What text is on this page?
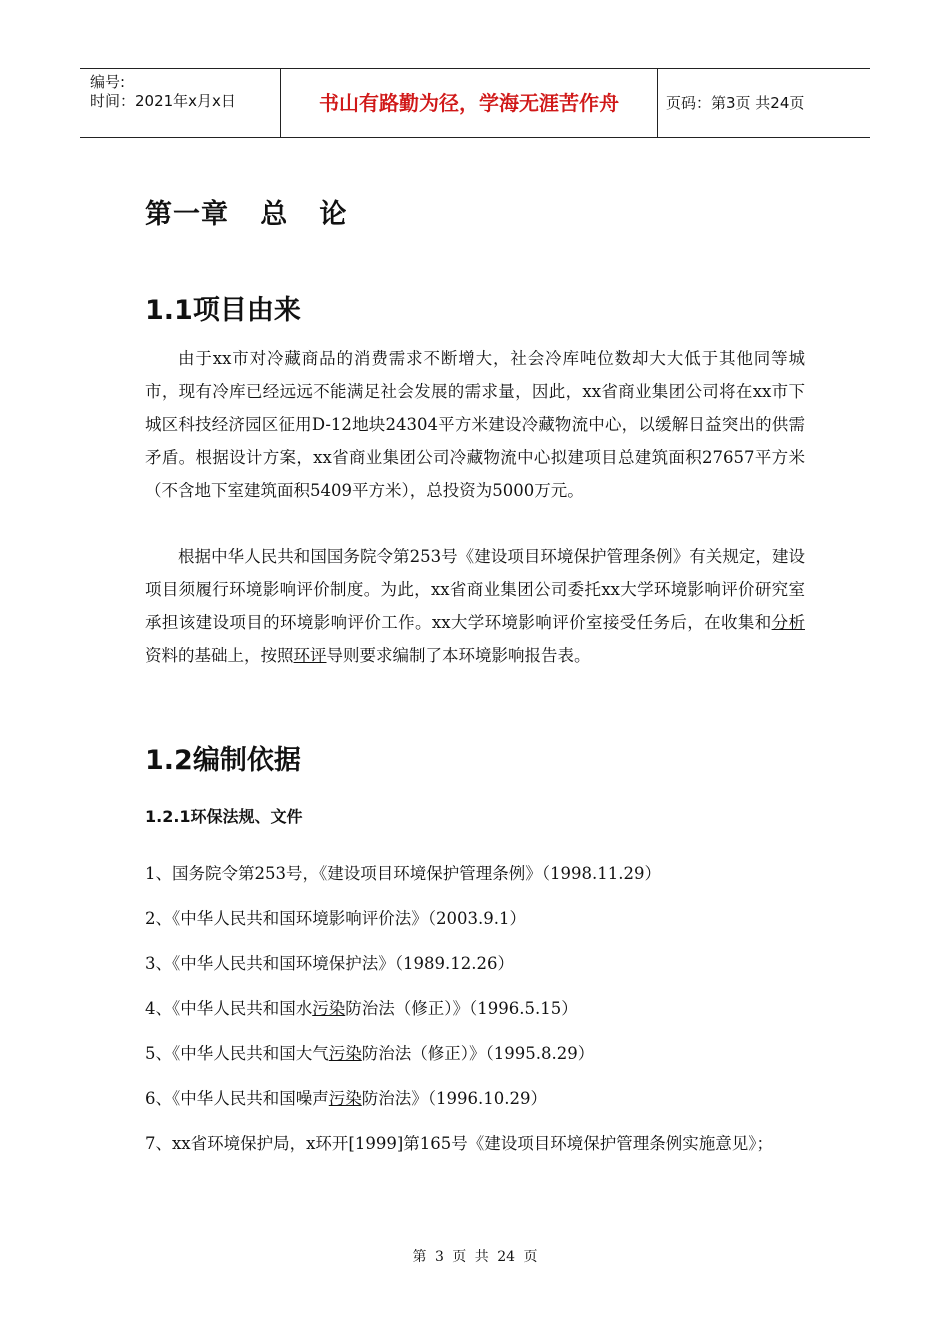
编号:
时间：2021年x月x日	书山有路勤为径，学海无涯苦作舟	页码：第3页 共24页
第一章   总   论
1.1项目由来

由于xx市对冷藏商品的消费需求不断增大，社会冷库吨位数却大大低于其他同等城市，现有冷库已经远远不能满足社会发展的需求量，因此，xx省商业集团公司将在xx市下城区科技经济园区征用D-12地块24304平方米建设冷藏物流中心，以缓解日益突出的供需矛盾。根据设计方案，xx省商业集团公司冷藏物流中心拟建项目总建筑面积27657平方米（不含地下室建筑面积5409平方米），总投资为5000万元。

根据中华人民共和国国务院令第253号《建设项目环境保护管理条例》有关规定，建设项目须履行环境影响评价制度。为此，xx省商业集团公司委托xx大学环境影响评价研究室承担该建设项目的环境影响评价工作。xx大学环境影响评价室接受任务后，在收集和分析资料的基础上，按照环评导则要求编制了本环境影响报告表。

1.2编制依据
1.2.1环保法规、文件

1、国务院令第253号，《建设项目环境保护管理条例》（1998.11.29）

2、《中华人民共和国环境影响评价法》（2003.9.1）

3、《中华人民共和国环境保护法》（1989.12.26）

4、《中华人民共和国水污染防治法（修正）》（1996.5.15）

5、《中华人民共和国大气污染防治法（修正）》（1995.8.29）

6、《中华人民共和国噪声污染防治法》（1996.10.29）

7、xx省环境保护局，x环开[1999]第165号《建设项目环境保护管理条例实施意见》；

第 3 页 共 24 页
